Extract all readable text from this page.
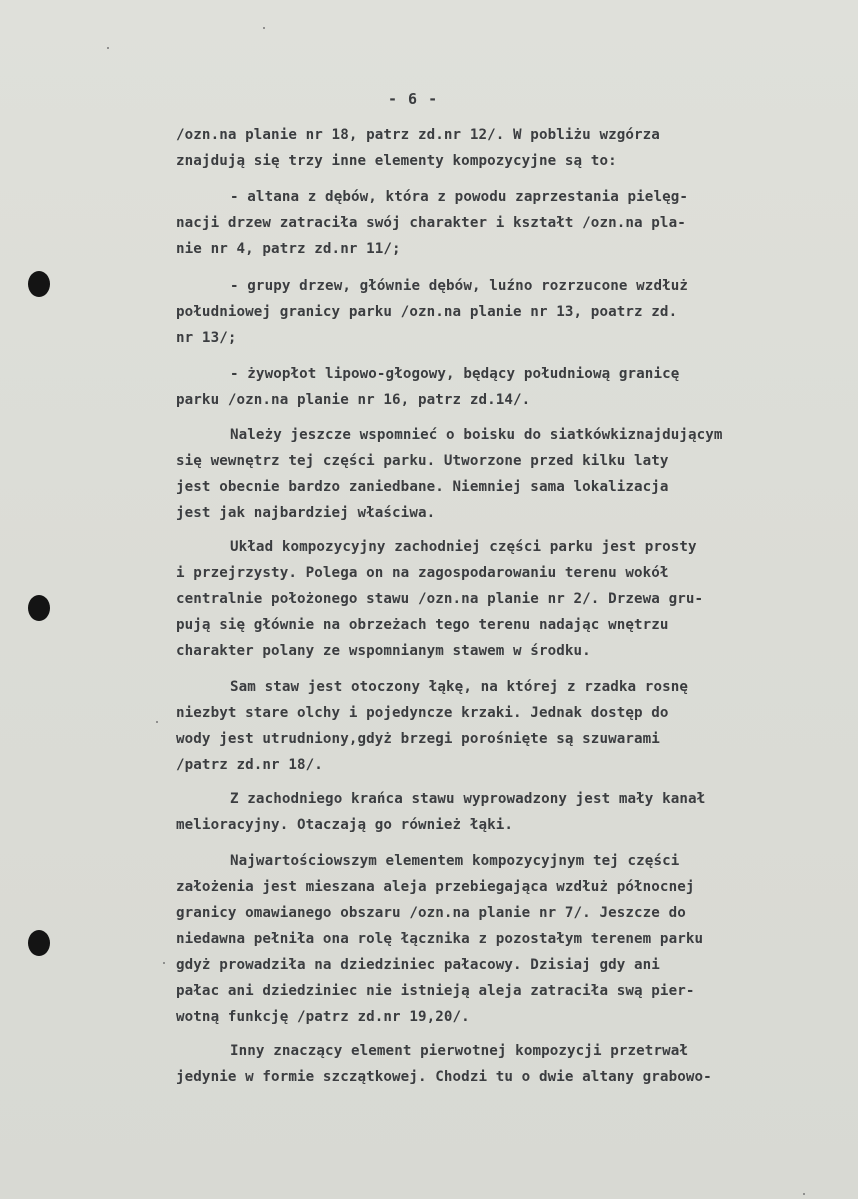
- 6 -
/ozn.na planie nr 18, patrz zd.nr 12/. W pobliżu wzgórza
znajdują się trzy inne elementy kompozycyjne są to:
- altana z dębów, która z powodu zaprzestania pielęg-
nacji drzew zatraciła swój charakter i kształt /ozn.na pla-
nie nr 4, patrz zd.nr 11/;
- grupy drzew, głównie dębów, luźno rozrzucone wzdłuż
południowej granicy parku /ozn.na planie nr 13, poatrz zd.
nr 13/;
- żywopłot lipowo-głogowy, będący południową granicę
parku /ozn.na planie nr 16, patrz zd.14/.
Należy jeszcze wspomnieć o boisku do siatkówkiznajdującym
się wewnętrz tej części parku. Utworzone przed kilku laty
jest obecnie bardzo zaniedbane. Niemniej sama lokalizacja
jest jak najbardziej właściwa.
Układ kompozycyjny zachodniej części parku jest prosty
i przejrzysty. Polega on na zagospodarowaniu terenu wokół
centralnie położonego stawu /ozn.na planie nr 2/. Drzewa gru-
pują się głównie na obrzeżach tego terenu nadając wnętrzu
charakter polany ze wspomnianym stawem w środku.
Sam staw jest otoczony łąkę, na której z rzadka rosnę
niezbyt stare olchy i pojedyncze krzaki. Jednak dostęp do
wody jest utrudniony,gdyż brzegi porośnięte są szuwarami
/patrz zd.nr 18/.
Z zachodniego krańca stawu wyprowadzony jest mały kanał
melioracyjny. Otaczają go również łąki.
Najwartościowszym elementem kompozycyjnym tej części
założenia jest mieszana aleja przebiegająca wzdłuż północnej
granicy omawianego obszaru /ozn.na planie nr 7/. Jeszcze do
niedawna pełniła ona rolę łącznika z pozostałym terenem parku
gdyż prowadziła na dziedziniec pałacowy. Dzisiaj gdy ani
pałac ani dziedziniec nie istnieją aleja zatraciła swą pier-
wotną funkcję /patrz zd.nr 19,20/.
Inny znaczący element pierwotnej kompozycji przetrwał
jedynie w formie szczątkowej. Chodzi tu o dwie altany grabowo-
